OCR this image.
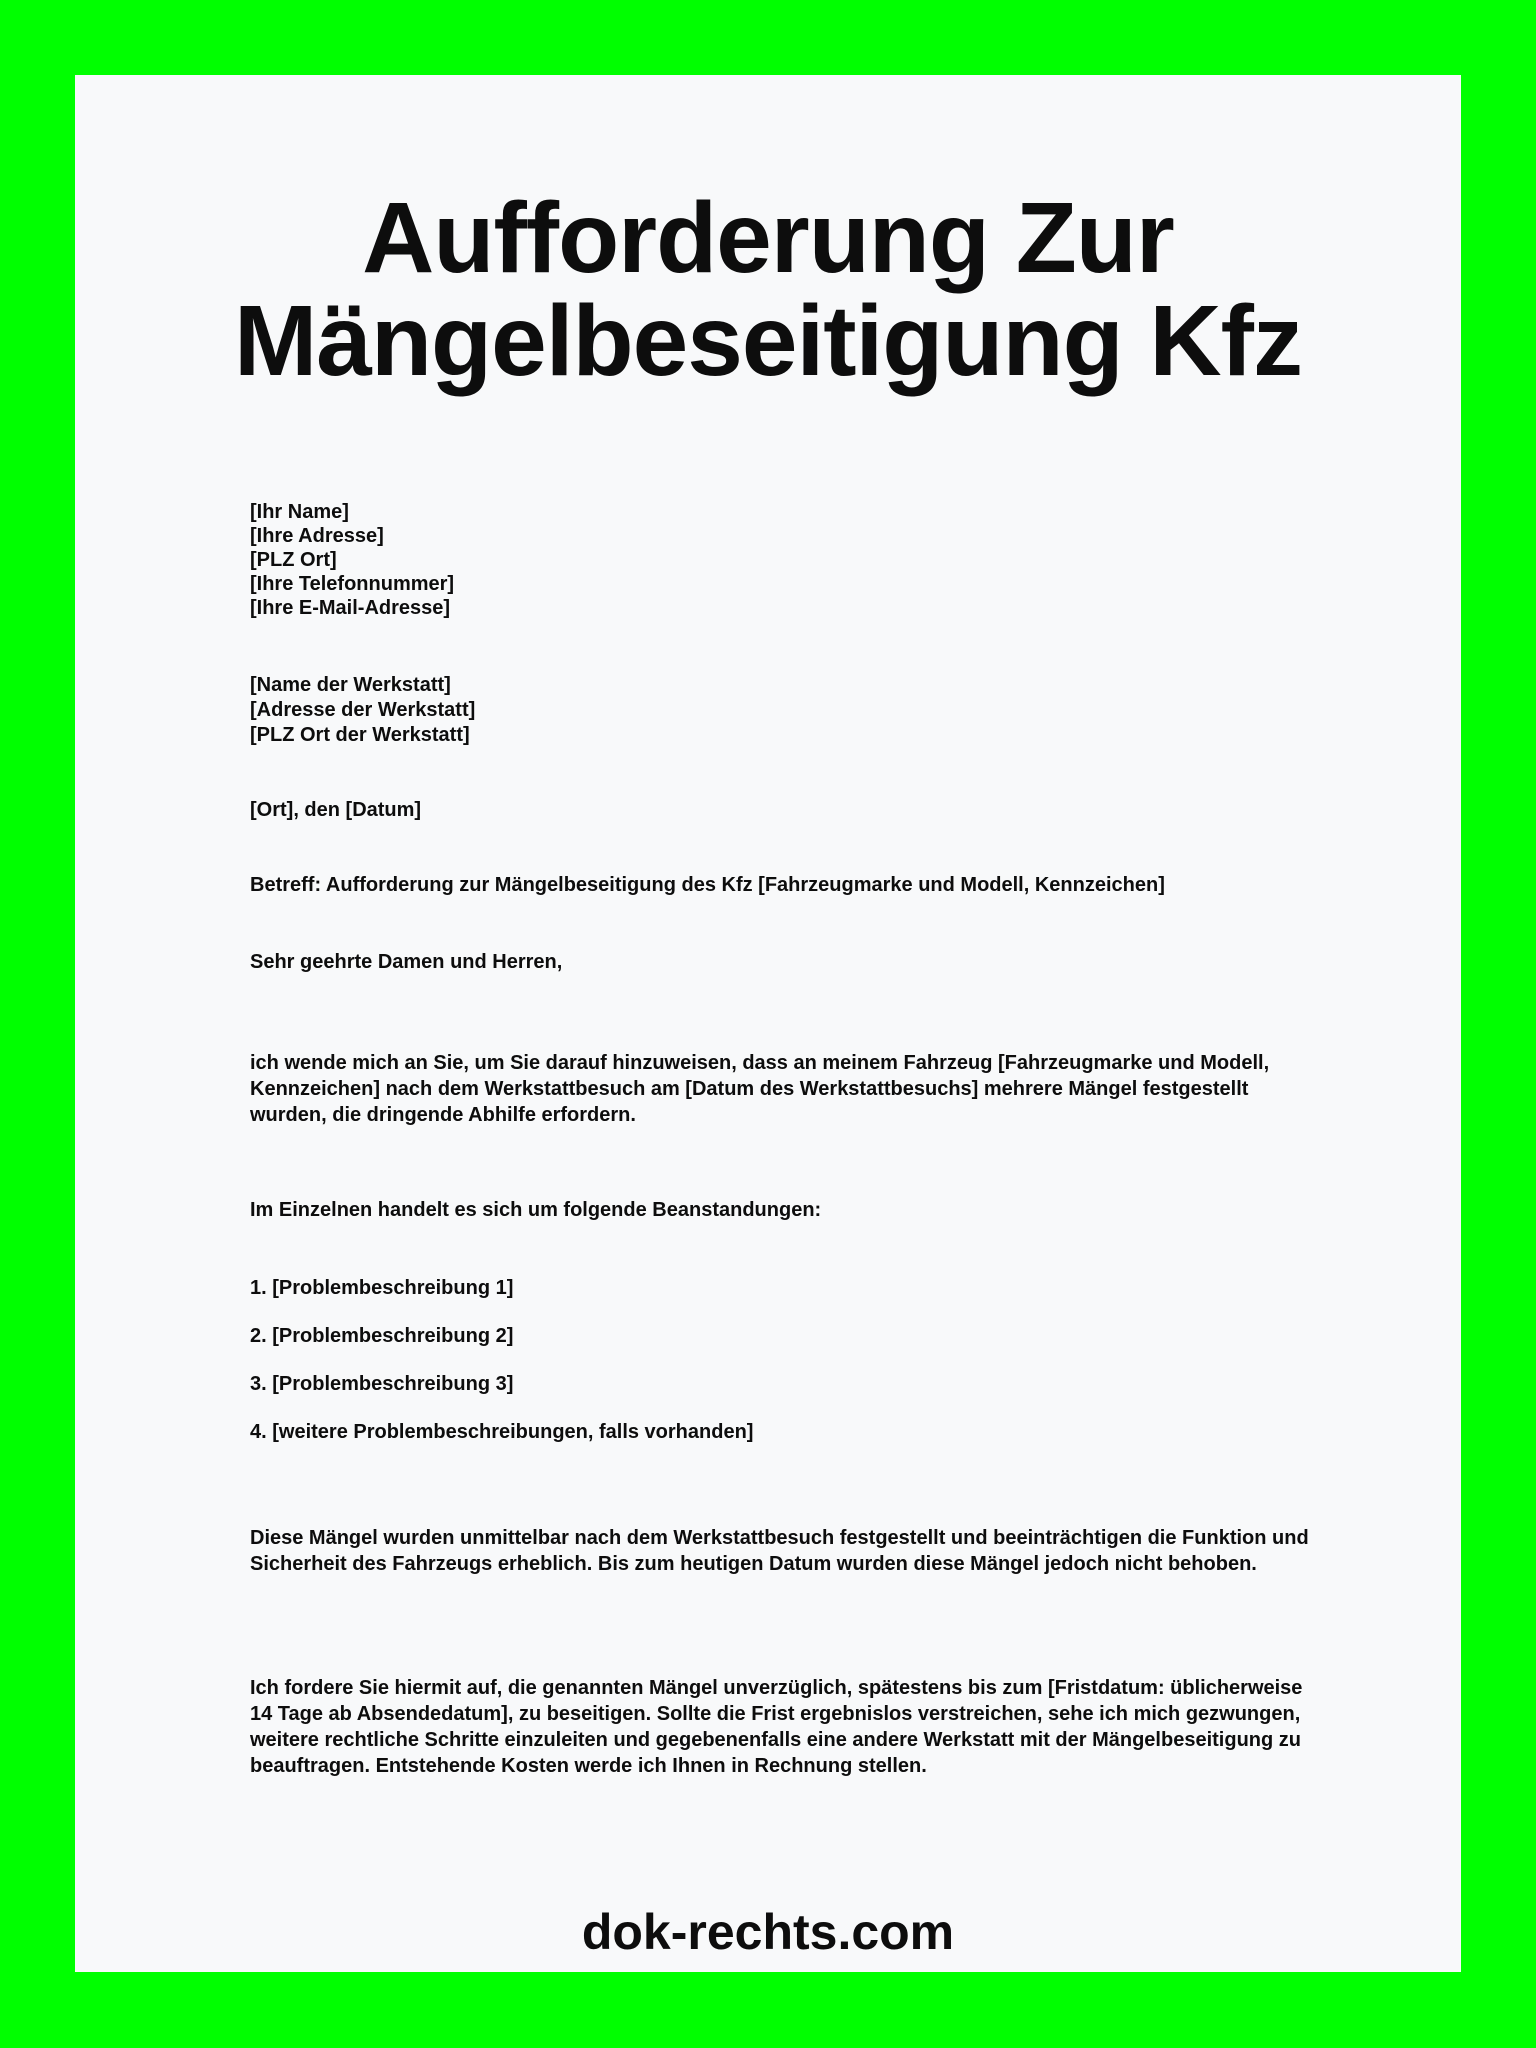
Aufforderung Zur
Mängelbeseitigung Kfz
[Ihr Name]
[Ihre Adresse]
[PLZ Ort]
[Ihre Telefonnummer]
[Ihre E-Mail-Adresse]
[Name der Werkstatt]
[Adresse der Werkstatt]
[PLZ Ort der Werkstatt]
[Ort], den [Datum]
Betreff: Aufforderung zur Mängelbeseitigung des Kfz [Fahrzeugmarke und Modell, Kennzeichen]
Sehr geehrte Damen und Herren,
ich wende mich an Sie, um Sie darauf hinzuweisen, dass an meinem Fahrzeug [Fahrzeugmarke und Modell, Kennzeichen] nach dem Werkstattbesuch am [Datum des Werkstattbesuchs] mehrere Mängel festgestellt wurden, die dringende Abhilfe erfordern.
Im Einzelnen handelt es sich um folgende Beanstandungen:
1. [Problembeschreibung 1]
2. [Problembeschreibung 2]
3. [Problembeschreibung 3]
4. [weitere Problembeschreibungen, falls vorhanden]
Diese Mängel wurden unmittelbar nach dem Werkstattbesuch festgestellt und beeinträchtigen die Funktion und Sicherheit des Fahrzeugs erheblich. Bis zum heutigen Datum wurden diese Mängel jedoch nicht behoben.
Ich fordere Sie hiermit auf, die genannten Mängel unverzüglich, spätestens bis zum [Fristdatum: üblicherweise 14 Tage ab Absendedatum], zu beseitigen. Sollte die Frist ergebnislos verstreichen, sehe ich mich gezwungen, weitere rechtliche Schritte einzuleiten und gegebenenfalls eine andere Werkstatt mit der Mängelbeseitigung zu beauftragen. Entstehende Kosten werde ich Ihnen in Rechnung stellen.
dok-rechts.com
